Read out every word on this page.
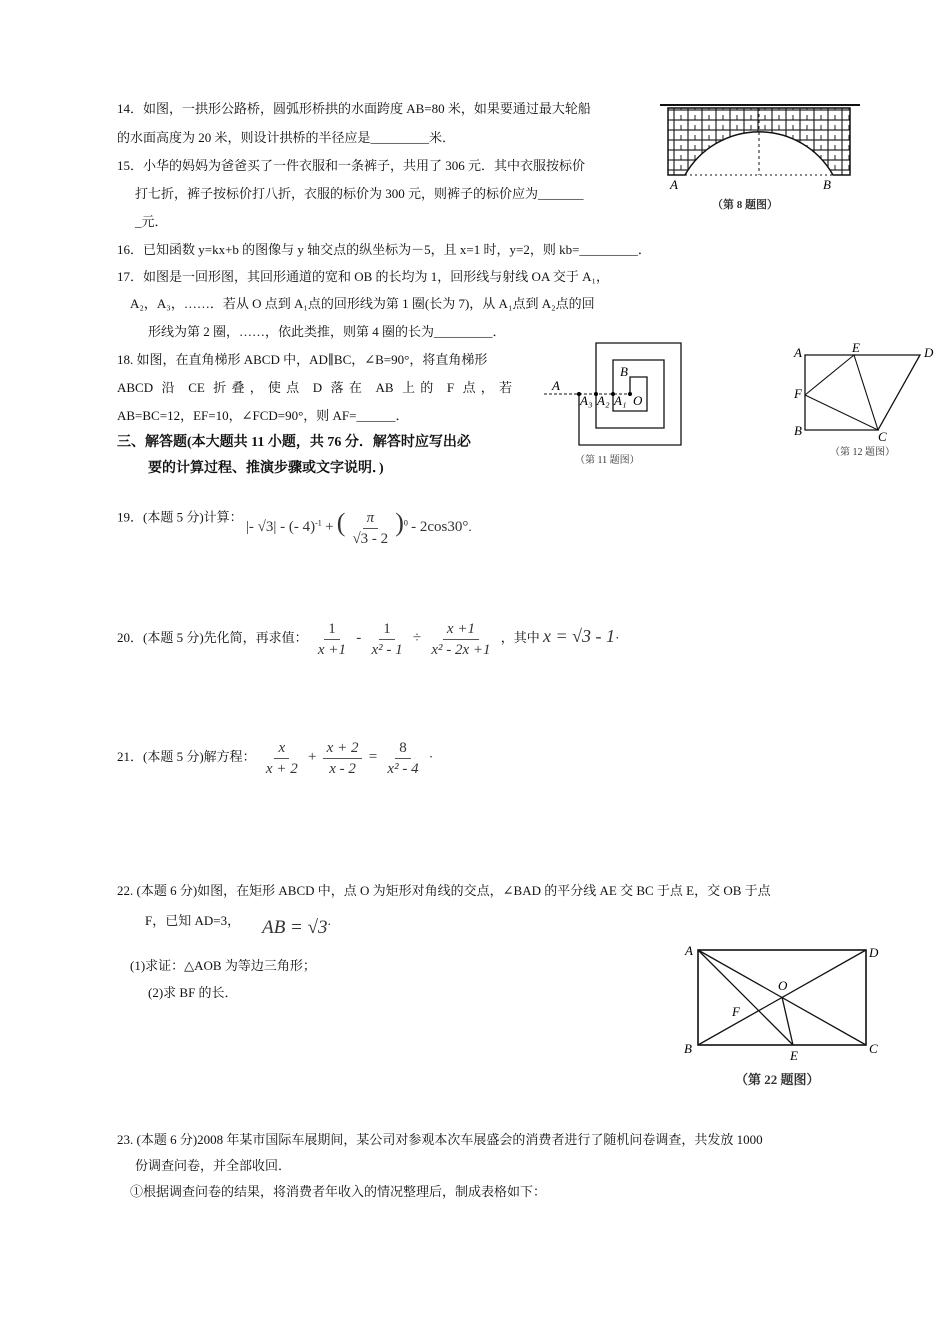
14．如图，一拱形公路桥，圆弧形桥拱的水面跨度 AB=80 米，如果要通过最大轮船
的水面高度为 20 米，则设计拱桥的半径应是_________米．
15．小华的妈妈为爸爸买了一件衣服和一条裤子，共用了 306 元．其中衣服按标价
打七折，裤子按标价打八折，衣服的标价为 300 元，则裤子的标价应为_______
_元．
16．已知函数 y=kx+b 的图像与 y 轴交点的纵坐标为－5，且 x=1 时，y=2，则 kb=_________．
17．如图是一回形图，其回形通道的宽和 OB 的长均为 1，回形线与射线 OA 交于 A₁，
A₂，A₃，……．若从 O 点到 A₁点的回形线为第 1 圈(长为 7)，从 A₁点到 A₂点的回
形线为第 2 圈，……，依此类推，则第 4 圈的长为_________．
18. 如图，在直角梯形 ABCD 中，AD∥BC，∠B=90°，将直角梯形
ABCD 沿 CE 折叠，使点 D 落在 AB 上的 F 点，若
AB=BC=12，EF=10，∠FCD=90°，则 AF=______．
三、解答题(本大题共 11 小题，共 76 分．解答时应写出必
要的计算过程、推演步骤或文字说明．)
19．(本题 5 分)计算： |- √3| - (- 4)$^{-1}$ + ( $\frac{\pi}{√3 - 2} )^0 - 2\cos 30^\circ$.
20．(本题 5 分)先化简，再求值： $\frac{1}{x +1} - \frac{1}{\text{x² - 1}} \div \frac{x +1}{\text{x² - 2x +1}}$ ，其中 x = √3 - 1·
21．(本题 5 分)解方程： $\frac{x}{x + 2} + \frac{x + 2}{x - 2} = \frac{8}{\text{x² - 4}}$ ·
22. (本题 6 分)如图，在矩形 ABCD 中，点 O 为矩形对角线的交点，∠BAD 的平分线 AE 交 BC 于点 E，交 OB 于点
F，已知 AD=3， AB = √3.
(1)求证：△AOB 为等边三角形；
(2)求 BF 的长．
23. (本题 6 分)2008 年某市国际车展期间，某公司对参观本次车展盛会的消费者进行了随机问卷调查，共发放 1000
份调查问卷，并全部收回．
①根据调查问卷的结果，将消费者年收入的情况整理后，制成表格如下：
A	B
（第 8 题图）
A
A₃ A₂ A₁
B
O
（第 11 题图）
A	E	D
F
B	C
（第 12 题图）
A	D
O
F
B	E	C
（第 22 题图）
